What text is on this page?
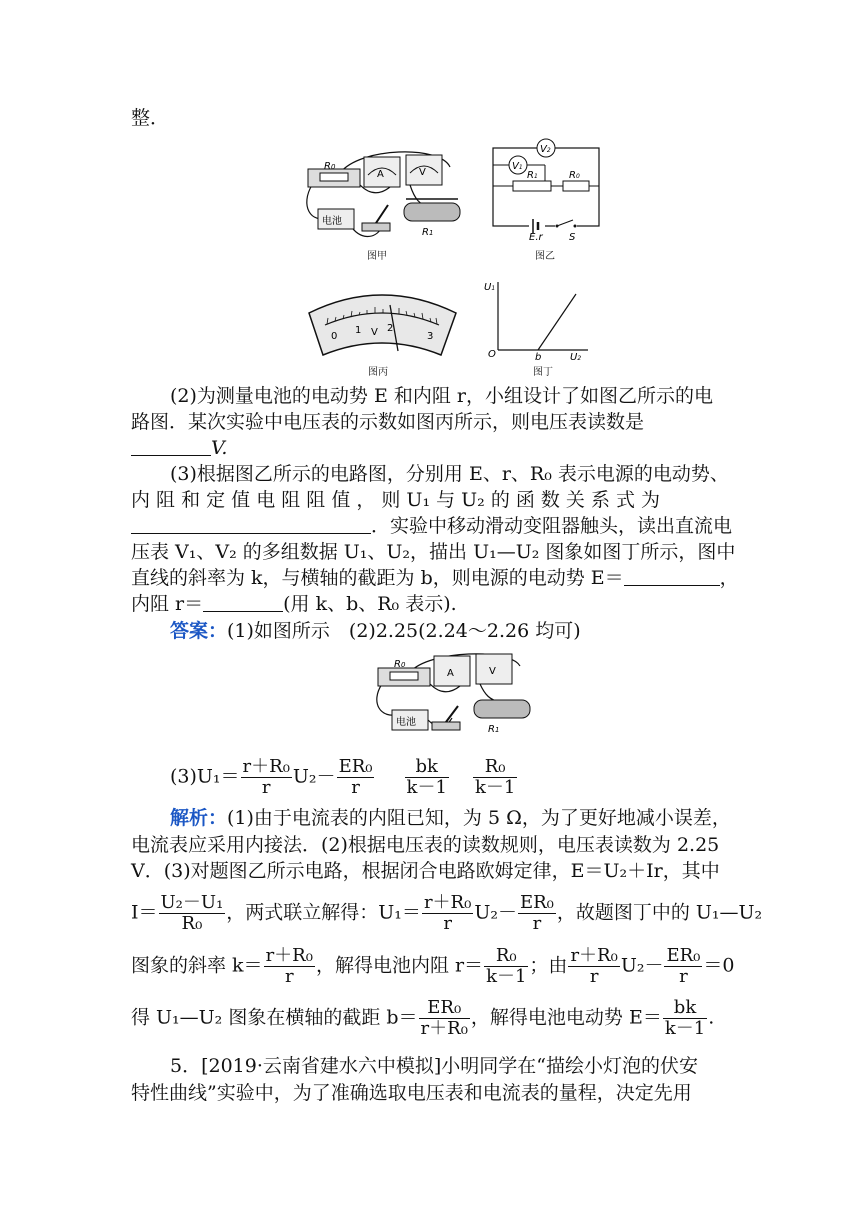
整．
R0
A	V
电池
R1
图甲
V2
V1
R1	R0
E,r	S
图乙
0
1	2
3
V
图丙
U1
O	b	U2
图丁
(2)为测量电池的电动势 E 和内阻 r，小组设计了如图乙所示的电
路图．某次实验中电压表的示数如图丙所示，则电压表读数是
V.
(3)根据图乙所示的电路图，分别用 E、r、R₀ 表示电源的电动势、
内 阻 和 定 值 电 阻 阻 值 ， 则 U₁ 与 U₂ 的 函 数 关 系 式 为
．实验中移动滑动变阻器触头，读出直流电
压表 V₁、V₂ 的多组数据 U₁、U₂，描出 U₁—U₂ 图象如图丁所示，图中
直线的斜率为 k，与横轴的截距为 b，则电源的电动势 E＝	，
内阻 r＝	(用 k、b、R₀ 表示).
答案：(1)如图所示　(2)2.25(2.24～2.26 均可)
R0
A	V
电池
R1
$(3)U_1= \frac{\text{r＋R₀}}{r} U_2- \frac{\text{ER₀}}{r}$
$\frac{bk}{k-1}$
$\frac{\text{R₀}}{k-1}$
解析：(1)由于电流表的内阻已知，为 5 Ω，为了更好地减小误差，
电流表应采用内接法．(2)根据电压表的读数规则，电压表读数为 2.25
V．(3)对题图乙所示电路，根据闭合电路欧姆定律，E＝U₂＋Ir，其中
$I= \frac{\text{U₂－U₁}}{\text{R₀}}$ ，两式联立解得：$U_1= \frac{\text{r＋R₀}}{r} U_2- \frac{\text{ER₀}}{r}$ ，故题图丁中的 U₁—U₂
图象的斜率 $k= \frac{\text{r＋R₀}}{r}$ ，解得电池内阻 $r= \frac{\text{R₀}}{k-1}$ ；由 $\frac{\text{r＋R₀}}{r} U_2- \frac{\text{ER₀}}{r} =0$
得 U₁—U₂ 图象在横轴的截距 $b= \frac{\text{ER₀}}{\text{r＋R₀}}$ ，解得电池电动势 $E= \frac{bk}{k-1}$ .
5．[2019·云南省建水六中模拟]小明同学在“描绘小灯泡的伏安
特性曲线”实验中，为了准确选取电压表和电流表的量程，决定先用
